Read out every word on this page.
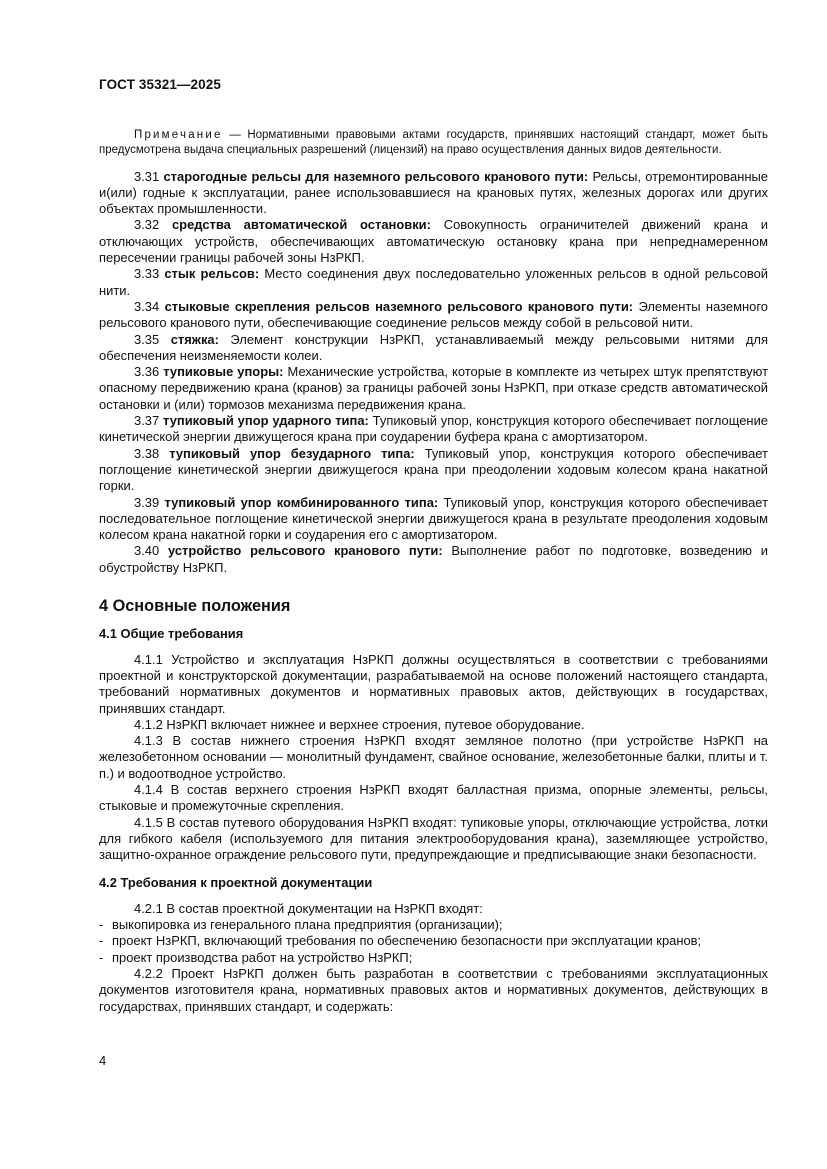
ГОСТ 35321—2025

Примечание — Нормативными правовыми актами государств, принявших настоящий стандарт, может быть предусмотрена выдача специальных разрешений (лицензий) на право осуществления данных видов деятельности.

3.31 старогодные рельсы для наземного рельсового кранового пути: Рельсы, отремонтированные и(или) годные к эксплуатации, ранее использовавшиеся на крановых путях, железных дорогах или других объектах промышленности.

3.32 средства автоматической остановки: Совокупность ограничителей движений крана и отключающих устройств, обеспечивающих автоматическую остановку крана при непреднамеренном пересечении границы рабочей зоны НзРКП.

3.33 стык рельсов: Место соединения двух последовательно уложенных рельсов в одной рельсовой нити.

3.34 стыковые скрепления рельсов наземного рельсового кранового пути: Элементы наземного рельсового кранового пути, обеспечивающие соединение рельсов между собой в рельсовой нити.

3.35 стяжка: Элемент конструкции НзРКП, устанавливаемый между рельсовыми нитями для обеспечения неизменяемости колеи.

3.36 тупиковые упоры: Механические устройства, которые в комплекте из четырех штук препятствуют опасному передвижению крана (кранов) за границы рабочей зоны НзРКП, при отказе средств автоматической остановки и (или) тормозов механизма передвижения крана.

3.37 тупиковый упор ударного типа: Тупиковый упор, конструкция которого обеспечивает поглощение кинетической энергии движущегося крана при соударении буфера крана с амортизатором.

3.38 тупиковый упор безударного типа: Тупиковый упор, конструкция которого обеспечивает поглощение кинетической энергии движущегося крана при преодолении ходовым колесом крана накатной горки.

3.39 тупиковый упор комбинированного типа: Тупиковый упор, конструкция которого обеспечивает последовательное поглощение кинетической энергии движущегося крана в результате преодоления ходовым колесом крана накатной горки и соударения его с амортизатором.

3.40 устройство рельсового кранового пути: Выполнение работ по подготовке, возведению и обустройству НзРКП.

4 Основные положения
4.1 Общие требования

4.1.1 Устройство и эксплуатация НзРКП должны осуществляться в соответствии с требованиями проектной и конструкторской документации, разрабатываемой на основе положений настоящего стандарта, требований нормативных документов и нормативных правовых актов, действующих в государствах, принявших стандарт.

4.1.2 НзРКП включает нижнее и верхнее строения, путевое оборудование.

4.1.3 В состав нижнего строения НзРКП входят земляное полотно (при устройстве НзРКП на железобетонном основании — монолитный фундамент, свайное основание, железобетонные балки, плиты и т. п.) и водоотводное устройство.

4.1.4 В состав верхнего строения НзРКП входят балластная призма, опорные элементы, рельсы, стыковые и промежуточные скрепления.

4.1.5 В состав путевого оборудования НзРКП входят: тупиковые упоры, отключающие устройства, лотки для гибкого кабеля (используемого для питания электрооборудования крана), заземляющее устройство, защитно-охранное ограждение рельсового пути, предупреждающие и предписывающие знаки безопасности.

4.2 Требования к проектной документации

4.2.1 В состав проектной документации на НзРКП входят:

- выкопировка из генерального плана предприятия (организации);

- проект НзРКП, включающий требования по обеспечению безопасности при эксплуатации кранов;

- проект производства работ на устройство НзРКП;

4.2.2 Проект НзРКП должен быть разработан в соответствии с требованиями эксплуатационных документов изготовителя крана, нормативных правовых актов и нормативных документов, действующих в государствах, принявших стандарт, и содержать:

4
